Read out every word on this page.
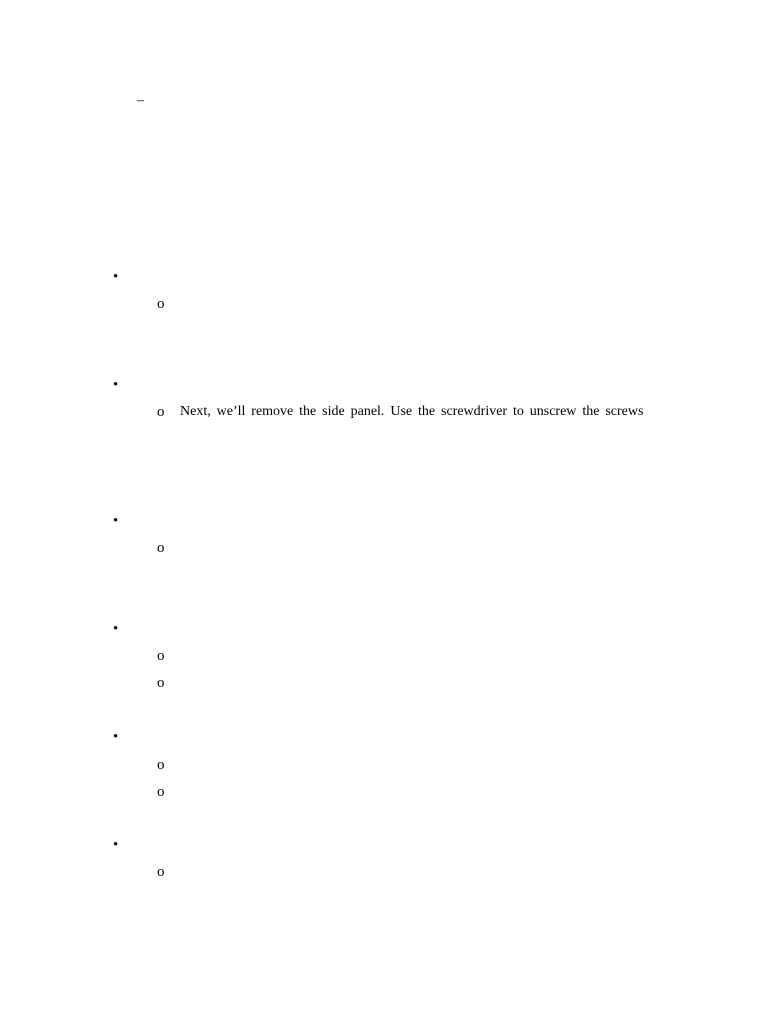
–
•
o
•
o Next, we’ll remove the side panel. Use the screwdriver to unscrew the screws
•
o
•
o
o
•
o
o
•
o
